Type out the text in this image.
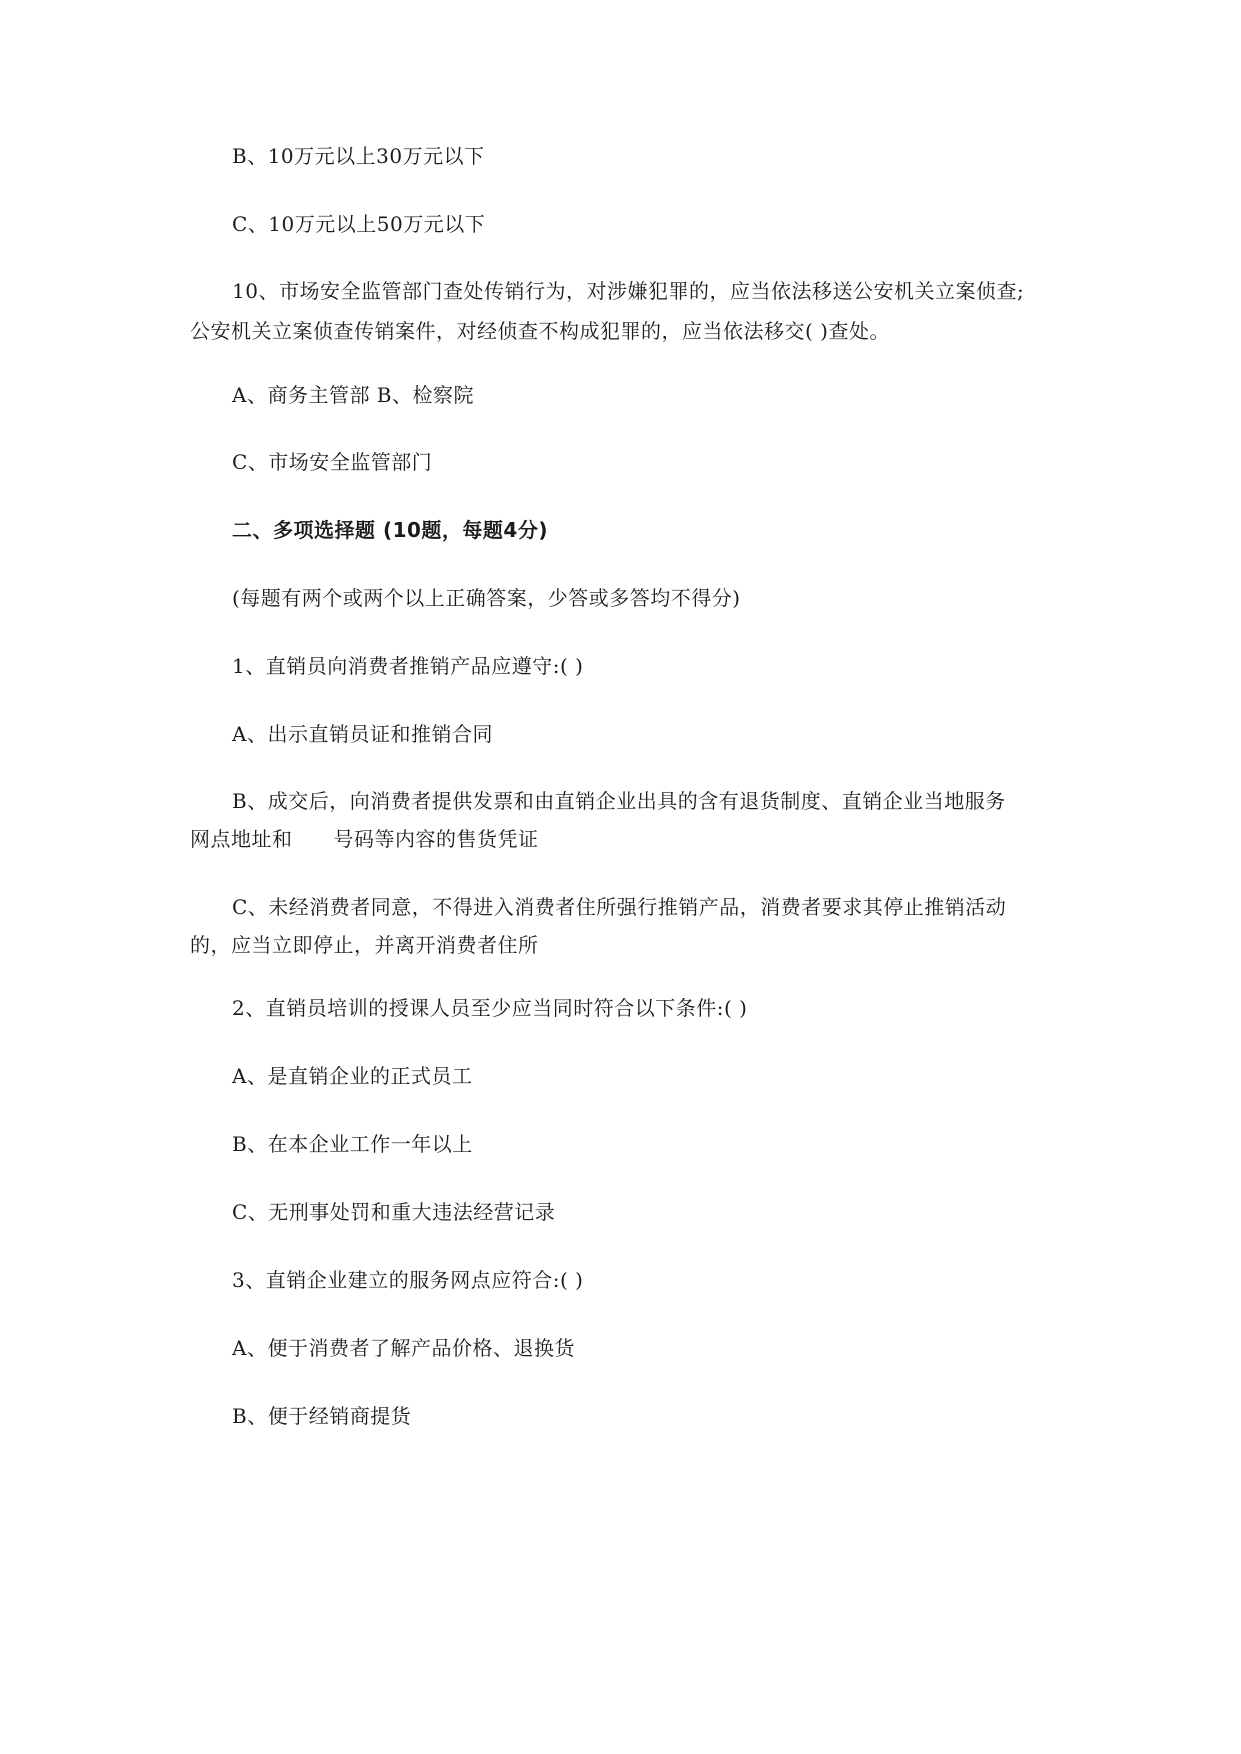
B、10万元以上30万元以下
C、10万元以上50万元以下
10、市场安全监管部门查处传销行为，对涉嫌犯罪的，应当依法移送公安机关立案侦查;
公安机关立案侦查传销案件，对经侦查不构成犯罪的，应当依法移交( )查处。
A、商务主管部 B、检察院
C、市场安全监管部门
二、多项选择题 (10题，每题4分)
(每题有两个或两个以上正确答案，少答或多答均不得分)
1、直销员向消费者推销产品应遵守:( )
A、出示直销员证和推销合同
B、成交后，向消费者提供发票和由直销企业出具的含有退货制度、直销企业当地服务
网点地址和　　号码等内容的售货凭证
C、未经消费者同意，不得进入消费者住所强行推销产品，消费者要求其停止推销活动
的，应当立即停止，并离开消费者住所
2、直销员培训的授课人员至少应当同时符合以下条件:( )
A、是直销企业的正式员工
B、在本企业工作一年以上
C、无刑事处罚和重大违法经营记录
3、直销企业建立的服务网点应符合:( )
A、便于消费者了解产品价格、退换货
B、便于经销商提货
